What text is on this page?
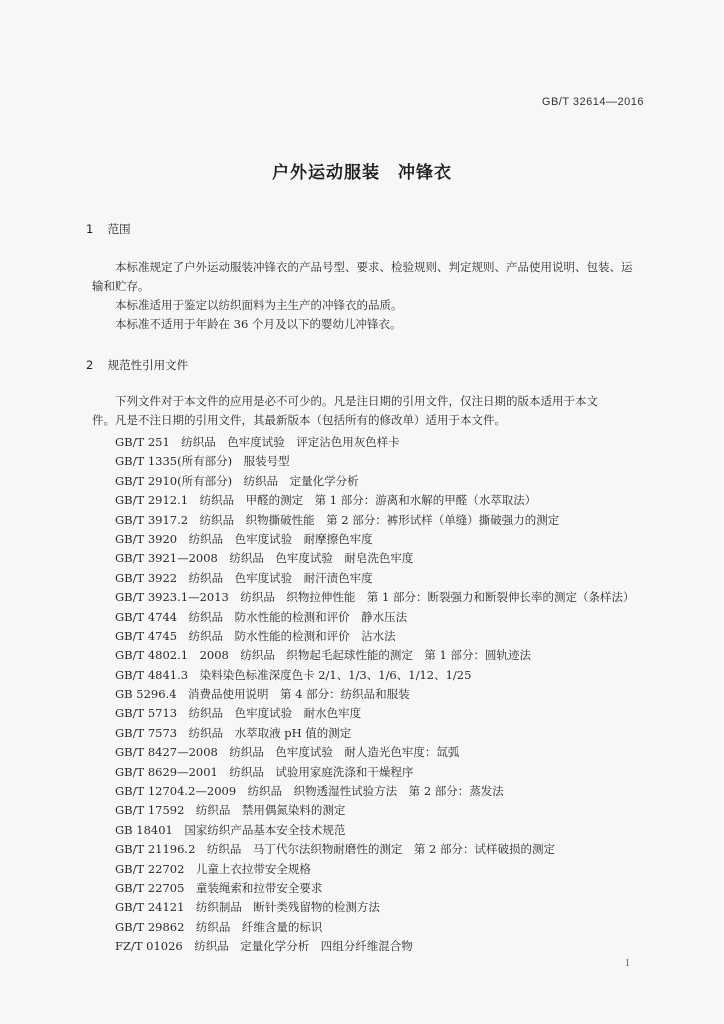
GB/T 32614—2016
户外运动服装　冲锋衣
1 范围
本标准规定了户外运动服装冲锋衣的产品号型、要求、检验规则、判定规则、产品使用说明、包装、运
输和贮存。
本标准适用于鉴定以纺织面料为主生产的冲锋衣的品质。
本标准不适用于年龄在 36 个月及以下的婴幼儿冲锋衣。
2 规范性引用文件
下列文件对于本文件的应用是必不可少的。凡是注日期的引用文件，仅注日期的版本适用于本文
件。凡是不注日期的引用文件，其最新版本（包括所有的修改单）适用于本文件。
GB/T 251　纺织品　色牢度试验　评定沾色用灰色样卡
GB/T 1335(所有部分)　服装号型
GB/T 2910(所有部分)　纺织品　定量化学分析
GB/T 2912.1　纺织品　甲醛的测定　第 1 部分：游离和水解的甲醛（水萃取法）
GB/T 3917.2　纺织品　织物撕破性能　第 2 部分：裤形试样（单缝）撕破强力的测定
GB/T 3920　纺织品　色牢度试验　耐摩擦色牢度
GB/T 3921—2008　纺织品　色牢度试验　耐皂洗色牢度
GB/T 3922　纺织品　色牢度试验　耐汗渍色牢度
GB/T 3923.1—2013　纺织品　织物拉伸性能　第 1 部分：断裂强力和断裂伸长率的测定（条样法）
GB/T 4744　纺织品　防水性能的检测和评价　静水压法
GB/T 4745　纺织品　防水性能的检测和评价　沾水法
GB/T 4802.1　2008　纺织品　织物起毛起球性能的测定　第 1 部分：圆轨迹法
GB/T 4841.3　染料染色标准深度色卡 2/1、1/3、1/6、1/12、1/25
GB 5296.4　消费品使用说明　第 4 部分：纺织品和服装
GB/T 5713　纺织品　色牢度试验　耐水色牢度
GB/T 7573　纺织品　水萃取液 pH 值的测定
GB/T 8427—2008　纺织品　色牢度试验　耐人造光色牢度：氙弧
GB/T 8629—2001　纺织品　试验用家庭洗涤和干燥程序
GB/T 12704.2—2009　纺织品　织物透湿性试验方法　第 2 部分：蒸发法
GB/T 17592　纺织品　禁用偶氮染料的测定
GB 18401　国家纺织产品基本安全技术规范
GB/T 21196.2　纺织品　马丁代尔法织物耐磨性的测定　第 2 部分：试样破损的测定
GB/T 22702　儿童上衣拉带安全规格
GB/T 22705　童装绳索和拉带安全要求
GB/T 24121　纺织制品　断针类残留物的检测方法
GB/T 29862　纺织品　纤维含量的标识
FZ/T 01026　纺织品　定量化学分析　四组分纤维混合物
1
